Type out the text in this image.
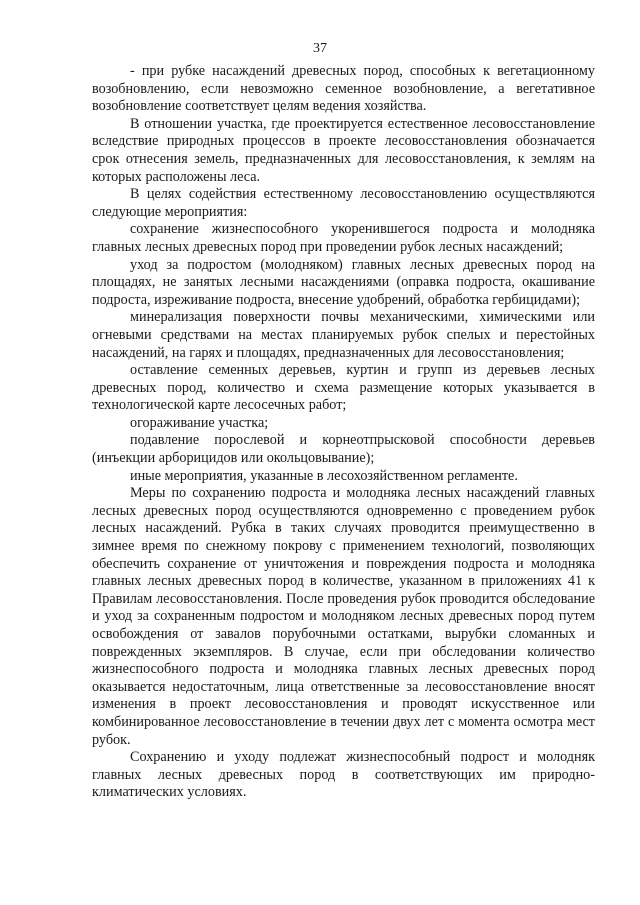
37

- при рубке насаждений древесных пород, способных к вегетационному возобновлению, если невозможно семенное возобновление, а вегетативное возобновление соответствует целям ведения хозяйства.

В отношении участка, где проектируется естественное лесовосстановление вследствие природных процессов в проекте лесовосстановления обозначается срок отнесения земель, предназначенных для лесовосстановления, к землям на которых расположены леса.

В целях содействия естественному лесовосстановлению осуществляются следующие мероприятия:

сохранение жизнеспособного укоренившегося подроста и молодняка главных лесных древесных пород при проведении рубок лесных насаждений;

уход за подростом (молодняком) главных лесных древесных пород на площадях, не занятых лесными насаждениями (оправка подроста, окашивание подроста, изреживание подроста, внесение удобрений, обработка гербицидами);

минерализация поверхности почвы механическими, химическими или огневыми средствами на местах планируемых рубок спелых и перестойных насаждений, на гарях и площадях, предназначенных для лесовосстановления;

оставление семенных деревьев, куртин и групп из деревьев лесных древесных пород, количество и схема размещение которых указывается в технологической карте лесосечных работ;

огораживание участка;

подавление порослевой и корнеотпрысковой способности деревьев (инъекции арборицидов или окольцовывание);

иные мероприятия, указанные в лесохозяйственном регламенте.

Меры по сохранению подроста и молодняка лесных насаждений главных лесных древесных пород осуществляются одновременно с проведением рубок лесных насаждений. Рубка в таких случаях проводится преимущественно в зимнее время по снежному покрову с применением технологий, позволяющих обеспечить сохранение от уничтожения и повреждения подроста и молодняка главных лесных древесных пород в количестве, указанном в приложениях 41 к Правилам лесовосстановления. После проведения рубок проводится обследование и уход за сохраненным подростом и молодняком лесных древесных пород путем освобождения от завалов порубочными остатками, вырубки сломанных и поврежденных экземпляров. В случае, если при обследовании количество жизнеспособного подроста и молодняка главных лесных древесных пород оказывается недостаточным, лица ответственные за лесовосстановление вносят изменения в проект лесовосстановления и проводят искусственное или комбинированное лесовосстановление в течении двух лет с момента осмотра мест рубок.

Сохранению и уходу подлежат жизнеспособный подрост и молодняк главных лесных древесных пород в соответствующих им природно-климатических условиях.
